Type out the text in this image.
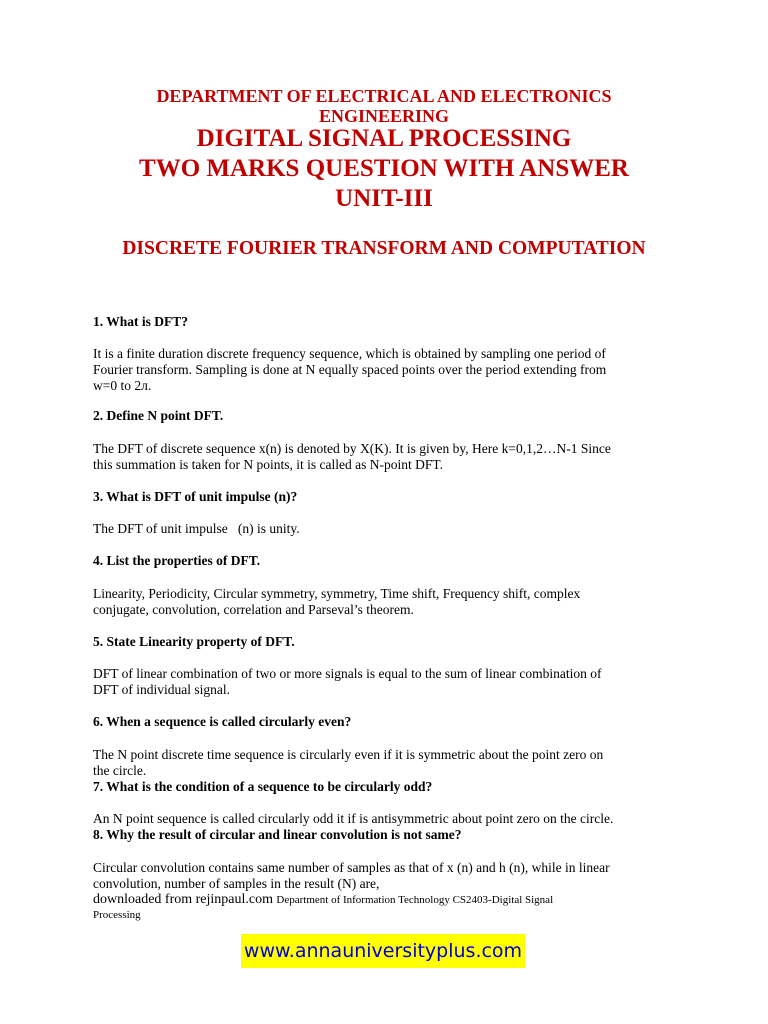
DEPARTMENT OF ELECTRICAL AND ELECTRONICS
ENGINEERING
DIGITAL SIGNAL PROCESSING
TWO MARKS QUESTION WITH ANSWER
UNIT-III
DISCRETE FOURIER TRANSFORM AND COMPUTATION
1. What is DFT?
It is a finite duration discrete frequency sequence, which is obtained by sampling one period of
Fourier transform. Sampling is done at N equally spaced points over the period extending from
w=0 to 2л.
2. Define N point DFT.
The DFT of discrete sequence x(n) is denoted by X(K). It is given by, Here k=0,1,2…N-1 Since
this summation is taken for N points, it is called as N-point DFT.
3. What is DFT of unit impulse (n)?
The DFT of unit impulse   (n) is unity.
4. List the properties of DFT.
Linearity, Periodicity, Circular symmetry, symmetry, Time shift, Frequency shift, complex
conjugate, convolution, correlation and Parseval’s theorem.
5. State Linearity property of DFT.
DFT of linear combination of two or more signals is equal to the sum of linear combination of
DFT of individual signal.
6. When a sequence is called circularly even?
The N point discrete time sequence is circularly even if it is symmetric about the point zero on
the circle.
7. What is the condition of a sequence to be circularly odd?
An N point sequence is called circularly odd it if is antisymmetric about point zero on the circle.
8. Why the result of circular and linear convolution is not same?
Circular convolution contains same number of samples as that of x (n) and h (n), while in linear
convolution, number of samples in the result (N) are,
downloaded from rejinpaul.com Department of Information Technology CS2403-Digital Signal
Processing
www.annauniversityplus.com
